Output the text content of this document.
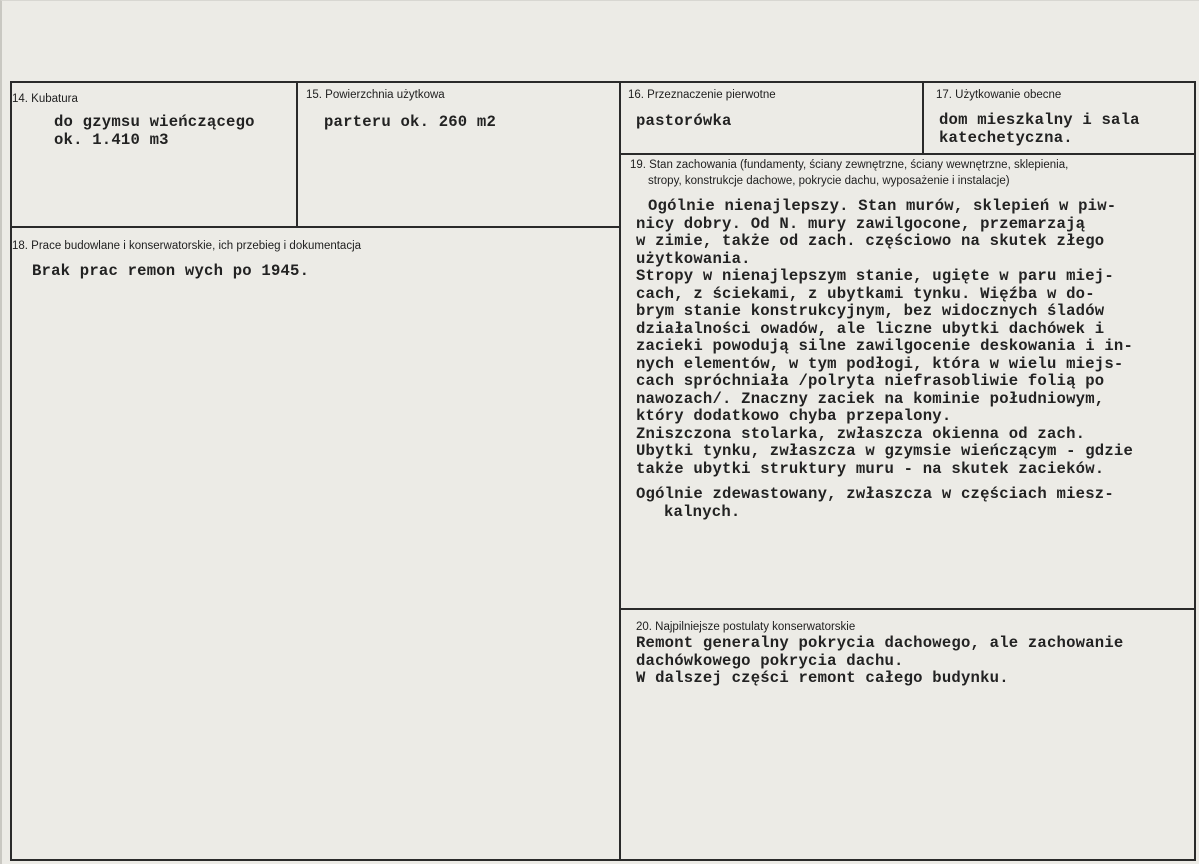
14. Kubatura
do gzymsu wieńczącego
ok. 1.410 m3
15. Powierzchnia użytkowa
parteru ok. 260 m2
16. Przeznaczenie pierwotne
pastorówka
17. Użytkowanie obecne
dom mieszkalny i sala
katechetyczna.
18. Prace budowlane i konserwatorskie, ich przebieg i dokumentacja
Brak prac remon wych po 1945.
19. Stan zachowania (fundamenty, ściany zewnętrzne, ściany wewnętrzne, sklepienia,
stropy, konstrukcje dachowe, pokrycie dachu, wyposażenie i instalacje)
Ogólnie nienajlepszy. Stan murów, sklepień w piw-
nicy dobry. Od N. mury zawilgocone, przemarzają
w zimie, także od zach. częściowo na skutek złego
użytkowania.
Stropy w nienajlepszym stanie, ugięte w paru miej-
cach, z ściekami, z ubytkami tynku. Więźba w do-
brym stanie konstrukcyjnym, bez widocznych śladów
działalności owadów, ale liczne ubytki dachówek i
zacieki powodują silne zawilgocenie deskowania i in-
nych elementów, w tym podłogi, która w wielu miejs-
cach spróchniała /polryta niefrasobliwie folią po
nawozach/. Znaczny zaciek na kominie południowym,
który dodatkowo chyba przepalony.
Zniszczona stolarka, zwłaszcza okienna od zach.
Ubytki tynku, zwłaszcza w gzymsie wieńczącym - gdzie
także ubytki struktury muru - na skutek zacieków.
Ogólnie zdewastowany, zwłaszcza w częściach miesz-
kalnych.
20. Najpilniejsze postulaty konserwatorskie
Remont generalny pokrycia dachowego, ale zachowanie
dachówkowego pokrycia dachu.
W dalszej części remont całego budynku.
